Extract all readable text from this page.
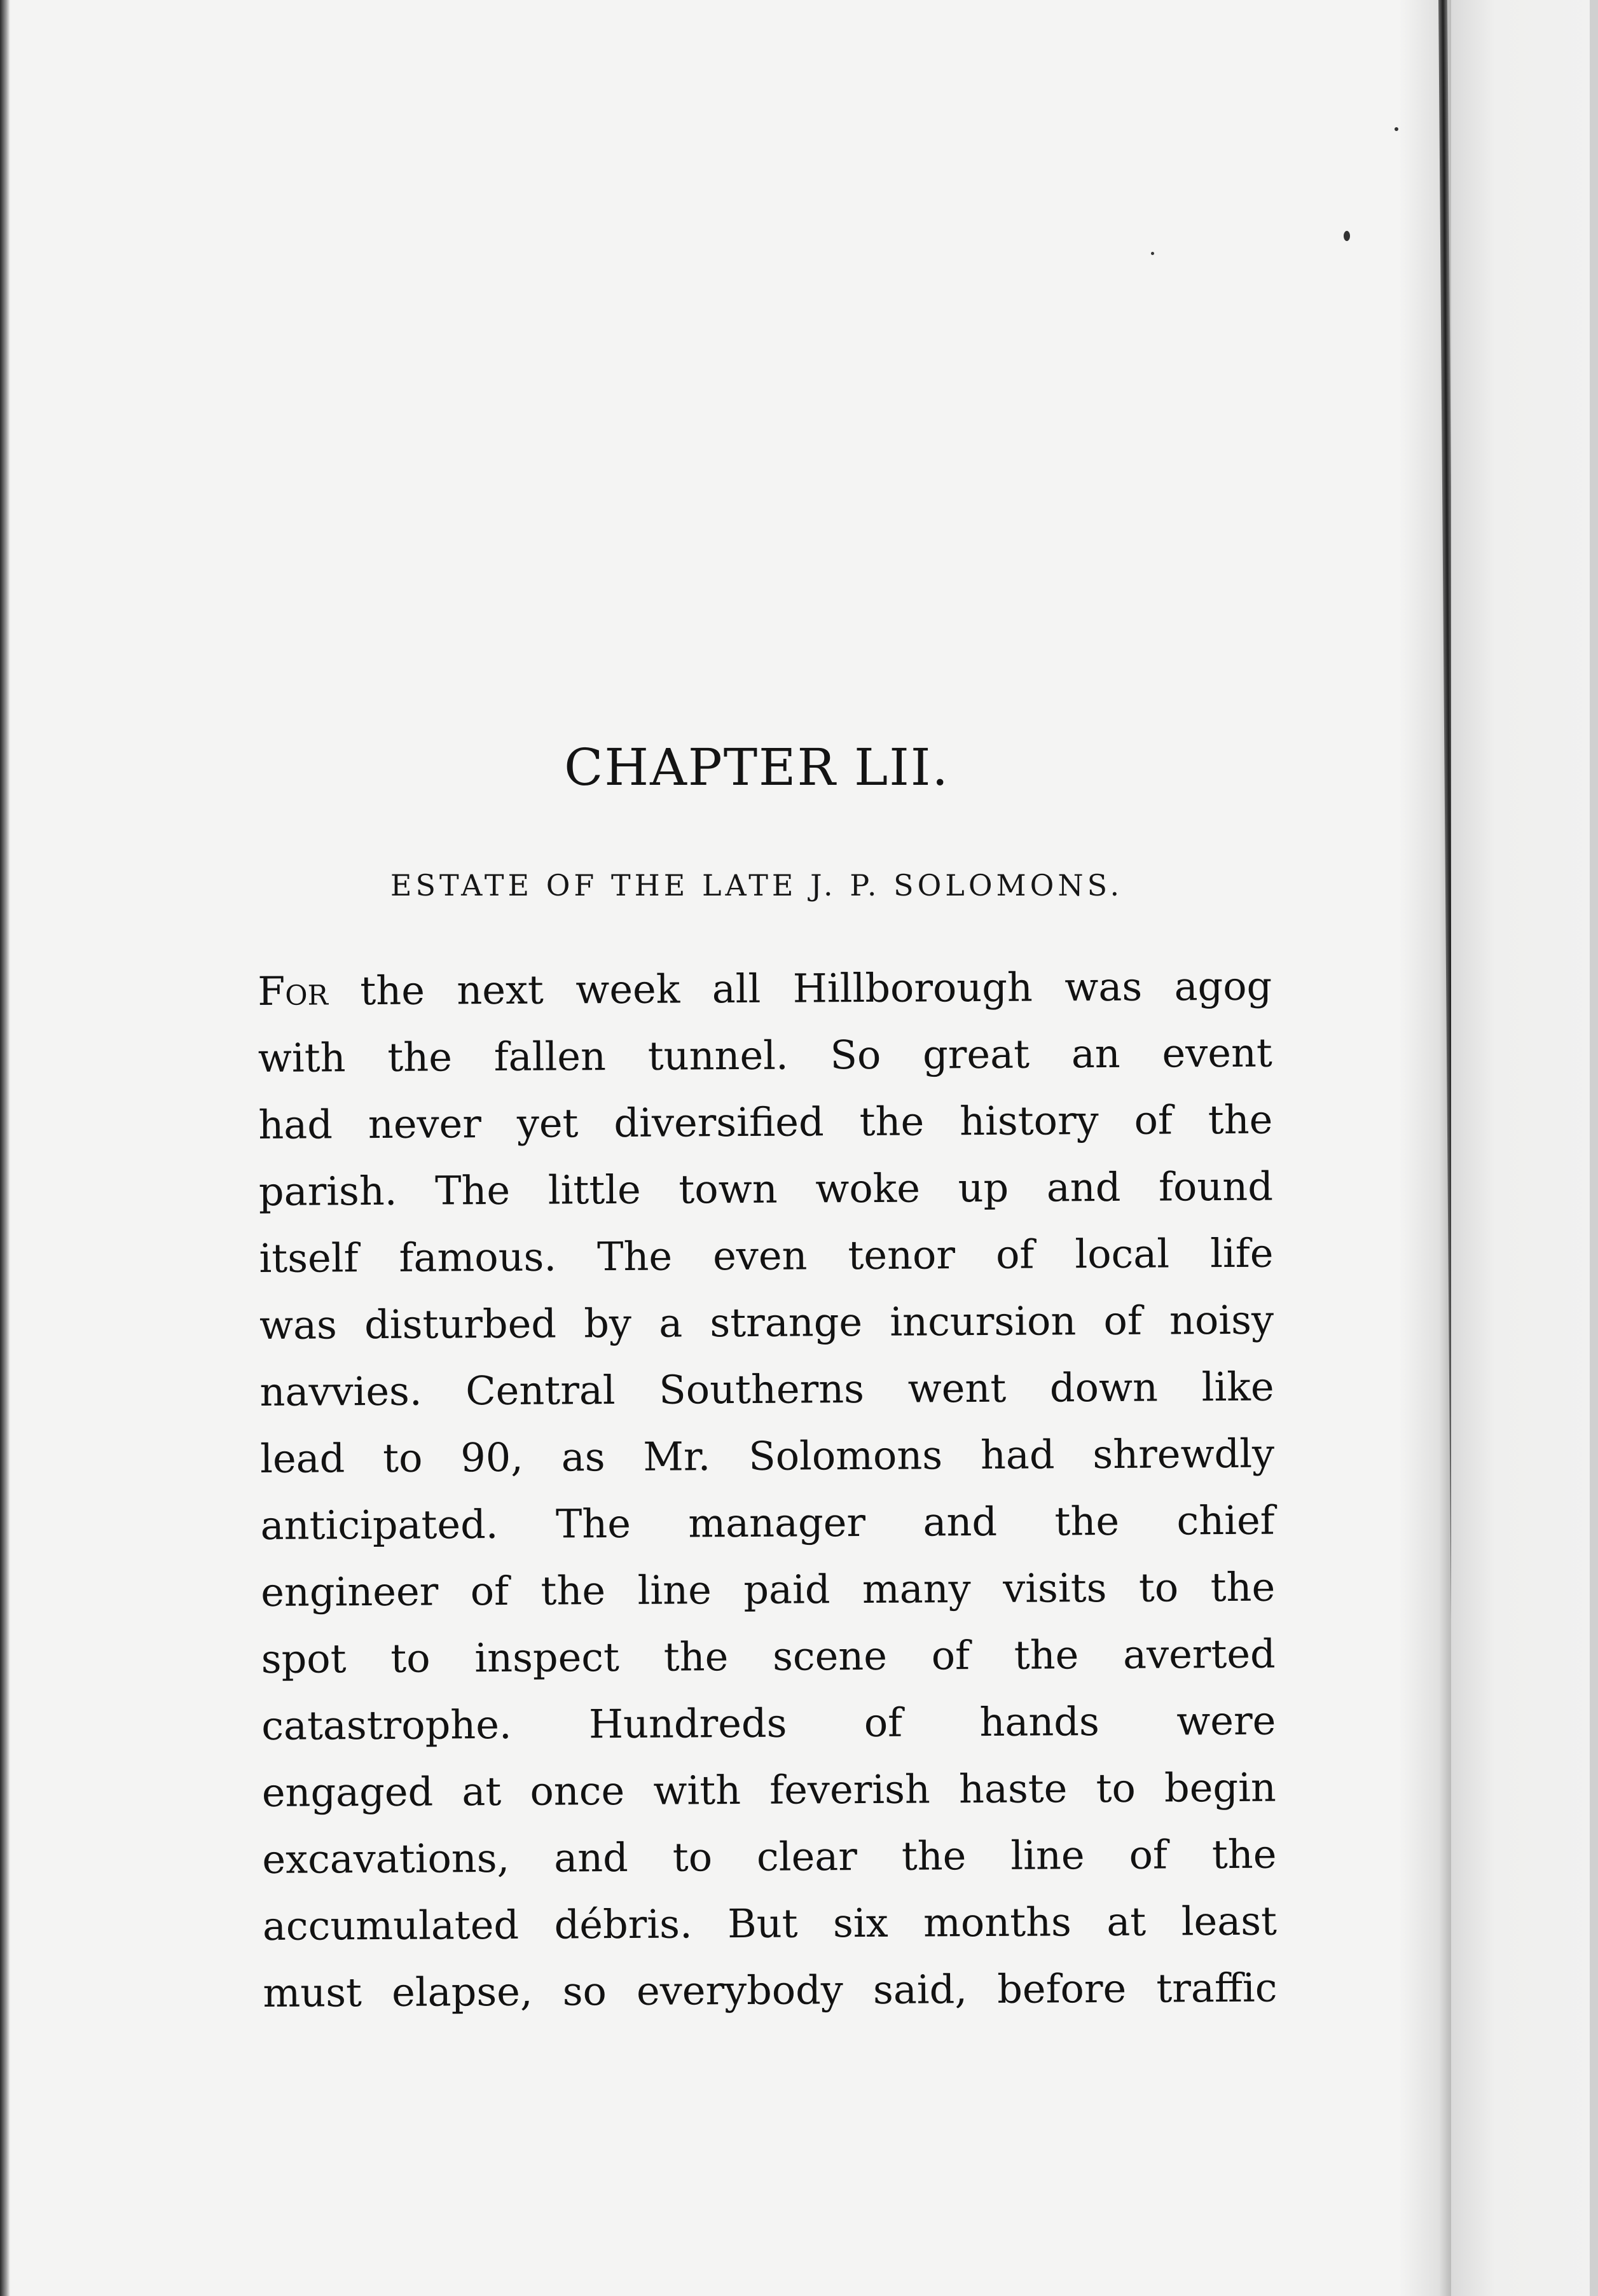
CHAPTER LII.
ESTATE OF THE LATE J. P. SOLOMONS.
For the next week all Hillborough was agog
with the fallen tunnel. So great an event
had never yet diversified the history of the
parish. The little town woke up and found
itself famous. The even tenor of local life
was disturbed by a strange incursion of noisy
navvies. Central Southerns went down like
lead to 90, as Mr. Solomons had shrewdly
anticipated. The manager and the chief
engineer of the line paid many visits to the
spot to inspect the scene of the averted
catastrophe. Hundreds of hands were
engaged at once with feverish haste to begin
excavations, and to clear the line of the
accumulated débris. But six months at least
must elapse, so everybody said, before traffic
